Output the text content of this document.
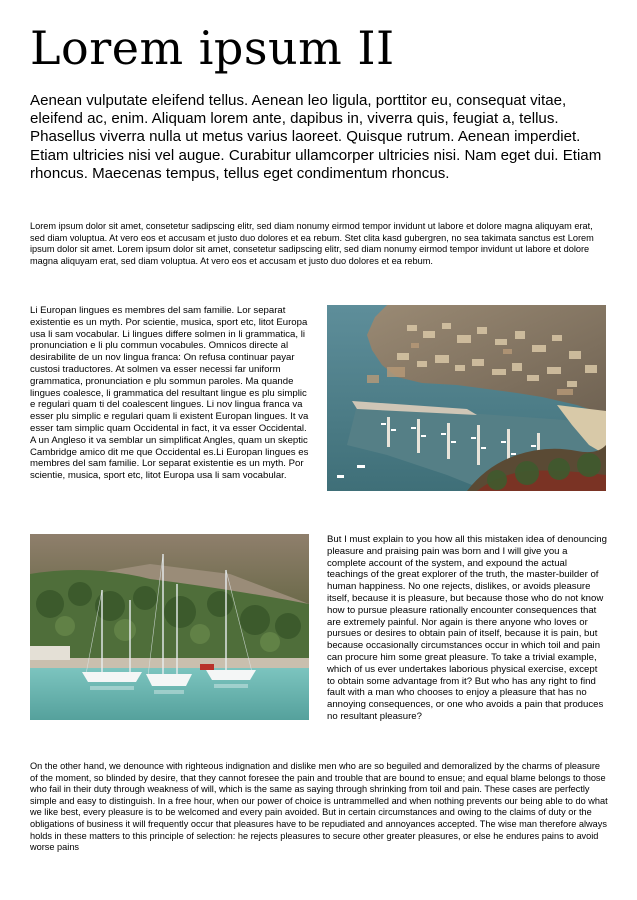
Lorem ipsum II

Aenean vulputate eleifend tellus. Aenean leo ligula, porttitor eu, consequat vitae, eleifend ac, enim. Aliquam lorem ante, dapibus in, viverra quis, feugiat a, tellus. Phasellus viverra nulla ut metus varius laoreet. Quisque rutrum. Aenean imperdiet. Etiam ultricies nisi vel augue. Curabitur ullamcorper ultricies nisi. Nam eget dui. Etiam rhoncus. Maecenas tempus, tellus eget condimentum rhoncus.

Lorem ipsum dolor sit amet, consetetur sadipscing elitr, sed diam nonumy eirmod tempor invidunt ut labore et dolore magna aliquyam erat, sed diam voluptua. At vero eos et accusam et justo duo dolores et ea rebum. Stet clita kasd gubergren, no sea takimata sanctus est Lorem ipsum dolor sit amet. Lorem ipsum dolor sit amet, consetetur sadipscing elitr, sed diam nonumy eirmod tempor invidunt ut labore et dolore magna aliquyam erat, sed diam voluptua. At vero eos et accusam et justo duo dolores et ea rebum.

Li Europan lingues es membres del sam familie. Lor separat existentie es un myth. Por scientie, musica, sport etc, litot Europa usa li sam vocabular. Li lingues differe solmen in li grammatica, li pronunciation e li plu commun vocabules. Omnicos directe al desirabilite de un nov lingua franca: On refusa continuar payar custosi traductores. At solmen va esser necessi far uniform grammatica, pronunciation e plu sommun paroles. Ma quande lingues coalesce, li grammatica del resultant lingue es plu simplic e regulari quam ti del coalescent lingues. Li nov lingua franca va esser plu simplic e regulari quam li existent Europan lingues. It va esser tam simplic quam Occidental in fact, it va esser Occidental. A un Angleso it va semblar un simplificat Angles, quam un skeptic Cambridge amico dit me que Occidental es.Li Europan lingues es membres del sam familie. Lor separat existentie es un myth. Por scientie, musica, sport etc, litot Europa usa li sam vocabular.

But I must explain to you how all this mistaken idea of denouncing pleasure and praising pain was born and I will give you a complete account of the system, and expound the actual teachings of the great explorer of the truth, the master-builder of human happiness. No one rejects, dislikes, or avoids pleasure itself, because it is pleasure, but because those who do not know how to pursue pleasure rationally encounter consequences that are extremely painful. Nor again is there anyone who loves or pursues or desires to obtain pain of itself, because it is pain, but because occasionally circumstances occur in which toil and pain can procure him some great pleasure. To take a trivial example, which of us ever undertakes laborious physical exercise, except to obtain some advantage from it? But who has any right to find fault with a man who chooses to enjoy a pleasure that has no annoying consequences, or one who avoids a pain that produces no resultant pleasure?

On the other hand, we denounce with righteous indignation and dislike men who are so beguiled and demoralized by the charms of pleasure of the moment, so blinded by desire, that they cannot foresee the pain and trouble that are bound to ensue; and equal blame belongs to those who fail in their duty through weakness of will, which is the same as saying through shrinking from toil and pain. These cases are perfectly simple and easy to distinguish. In a free hour, when our power of choice is untrammelled and when nothing prevents our being able to do what we like best, every pleasure is to be welcomed and every pain avoided. But in certain circumstances and owing to the claims of duty or the obligations of business it will frequently occur that pleasures have to be repudiated and annoyances accepted. The wise man therefore always holds in these matters to this principle of selection: he rejects pleasures to secure other greater pleasures, or else he endures pains to avoid worse pains
